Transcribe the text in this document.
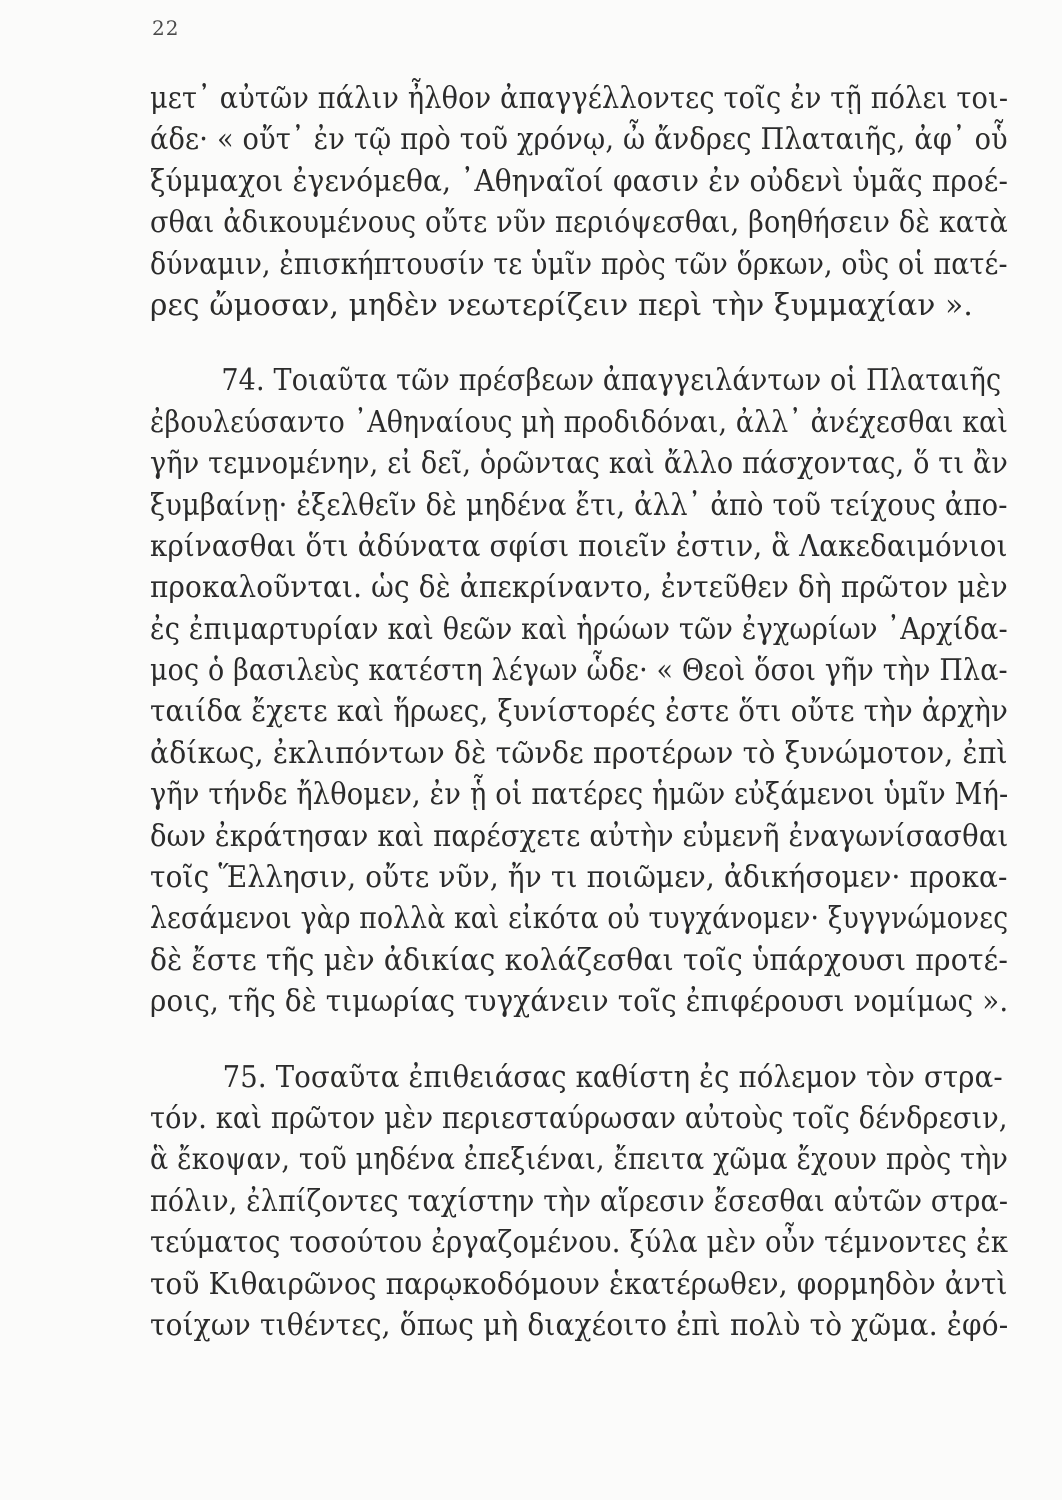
22
μετ᾽ αὐτῶν πάλιν ἦλθον ἀπαγγέλλοντες τοῖς ἐν τῇ πόλει τοι-
άδε· « οὔτ᾽ ἐν τῷ πρὸ τοῦ χρόνῳ, ὦ ἄνδρες Πλαταιῆς, ἀφ᾽ οὗ
ξύμμαχοι ἐγενόμεθα, ᾽Αθηναῖοί φασιν ἐν οὐδενὶ ὑμᾶς προέ-
σθαι ἀδικουμένους οὔτε νῦν περιόψεσθαι, βοηθήσειν δὲ κατὰ
δύναμιν, ἐπισκήπτουσίν τε ὑμῖν πρὸς τῶν ὅρκων, οὓς οἱ πατέ-
ρες ὤμοσαν, μηδὲν νεωτερίζειν περὶ τὴν ξυμμαχίαν ».
74. Τοιαῦτα τῶν πρέσβεων ἀπαγγειλάντων οἱ Πλαταιῆς
ἐβουλεύσαντο ᾽Αθηναίους μὴ προδιδόναι, ἀλλ᾽ ἀνέχεσθαι καὶ
γῆν τεμνομένην, εἰ δεῖ, ὁρῶντας καὶ ἄλλο πάσχοντας, ὅ τι ἂν
ξυμβαίνῃ· ἐξελθεῖν δὲ μηδένα ἔτι, ἀλλ᾽ ἀπὸ τοῦ τείχους ἀπο-
κρίνασθαι ὅτι ἀδύνατα σφίσι ποιεῖν ἐστιν, ἃ Λακεδαιμόνιοι
προκαλοῦνται. ὡς δὲ ἀπεκρίναντο, ἐντεῦθεν δὴ πρῶτον μὲν
ἐς ἐπιμαρτυρίαν καὶ θεῶν καὶ ἡρώων τῶν ἐγχωρίων ᾽Αρχίδα-
μος ὁ βασιλεὺς κατέστη λέγων ὧδε· « Θεοὶ ὅσοι γῆν τὴν Πλα-
ταιίδα ἔχετε καὶ ἥρωες, ξυνίστορές ἐστε ὅτι οὔτε τὴν ἀρχὴν
ἀδίκως, ἐκλιπόντων δὲ τῶνδε προτέρων τὸ ξυνώμοτον, ἐπὶ
γῆν τήνδε ἤλθομεν, ἐν ᾗ οἱ πατέρες ἡμῶν εὐξάμενοι ὑμῖν Μή-
δων ἐκράτησαν καὶ παρέσχετε αὐτὴν εὐμενῆ ἐναγωνίσασθαι
τοῖς Ἕλλησιν, οὔτε νῦν, ἤν τι ποιῶμεν, ἀδικήσομεν· προκα-
λεσάμενοι γὰρ πολλὰ καὶ εἰκότα οὐ τυγχάνομεν· ξυγγνώμονες
δὲ ἔστε τῆς μὲν ἀδικίας κολάζεσθαι τοῖς ὑπάρχουσι προτέ-
ροις, τῆς δὲ τιμωρίας τυγχάνειν τοῖς ἐπιφέρουσι νομίμως ».
75. Τοσαῦτα ἐπιθειάσας καθίστη ἐς πόλεμον τὸν στρα-
τόν. καὶ πρῶτον μὲν περιεσταύρωσαν αὐτοὺς τοῖς δένδρεσιν,
ἃ ἔκοψαν, τοῦ μηδένα ἐπεξιέναι, ἔπειτα χῶμα ἔχουν πρὸς τὴν
πόλιν, ἐλπίζοντες ταχίστην τὴν αἵρεσιν ἔσεσθαι αὐτῶν στρα-
τεύματος τοσούτου ἐργαζομένου. ξύλα μὲν οὖν τέμνοντες ἐκ
τοῦ Κιθαιρῶνος παρῳκοδόμουν ἑκατέρωθεν, φορμηδὸν ἀντὶ
τοίχων τιθέντες, ὅπως μὴ διαχέοιτο ἐπὶ πολὺ τὸ χῶμα. ἐφό-
